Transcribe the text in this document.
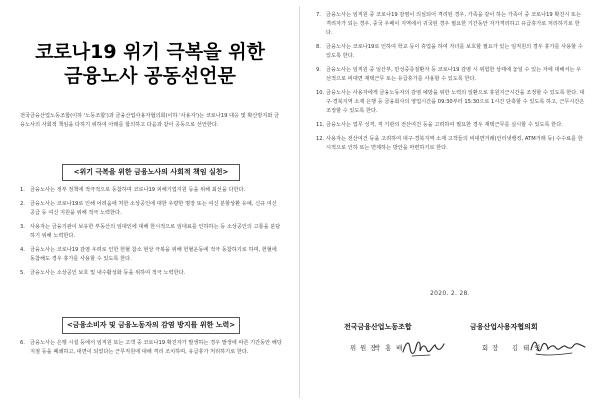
코로나19 위기 극복을 위한
금융노사 공동선언문
전국금융산업노동조합(이하 '노동조합')과 금융산업사용자협의회(이하 '사용자')는 코로나19 대응 및 확산방지와 금융노사의 사회적 책임을 다하기 위하여 아래를 합의하고 다음과 같이 공동으로 선언한다.
<위기 극복을 위한 금융노사의 사회적 책임 실천>
1. 금융노사는 정부 정책에 적극적으로 동참하며 코로나19 피해기업지원 등을 위해 최선을 다한다.
2. 금융노사는 코로나19로 인해 어려움에 처한 소상공인에 대한 우량한 명장 또는 여신 분할상환 유예, 신규 여신 공급 등 여신 지원을 위해 적극 노력한다.
3. 사용자는 금융기관이 보유한 부동산의 임대인에 대해 한시적으로 임대료를 인하하는 등 소상공인의 고통을 분담하기 위해 노력한다.
4. 금융노사는 코로나19 감염 우려로 인한 헌혈 참소 현상 극복을 위해 헌혈운동에 적극 동참하기로 하며, 헌혈에 동참해도 경우 휴가를 사용할 수 있도록 한다.
5. 금융노사는 소상공인 보호 및 내수활성화 등을 위하여 적극 노력한다.
<금융소비자 및 금융노동자의 감염 방지를 위한 노력>
6. 금융노사는 은행 시설 등에서 임직원 또는 고객 중 코로나19 확진자가 발생하는 경우 발생에 따른 기간동안 해당 지점 등을 폐쇄하고, 대면이 되었다는 근무직원에 대해 격리 조치하며, 유급휴가 처리하기로 한다.
7. 금융노사는 임직원 중 코로나19 감염이 의심되어 격리된 경우, 가족을 같이 하는 가족이 중 코로나19 확진시 또는 격리자가 되는 경우, 중국 우베이 지역에서 귀국된 경우 필요한 기간동안 자가격리하고 유급휴가로 처리하기로 한다.
8. 금융노사는 코로나19로 인하여 학교 등이 휴업을 하여 자녀를 보호할 필요가 있는 임직원의 경우 휴가를 사용할 수 있도록 한다.
9. 금융노사는 임직원 중 임산부, 만성중증질환자 등 코로나19 감염 시 위험한 상태에 놓일 수 있는 자에 대해서는 우선적으로 비대면 재택근무 또는 유급휴가를 사용할 수 있도록 한다.
10. 금융노사는 사용자에게 금융노동자의 감염 예방을 위한 노력의 일환으로 휴원지근시간을 조정할 수 있도록 한다. 대구·경북지역 소재 은행 등 금융회사의 영업시간을 09:30부터 15:30으로 1시간 단축할 수 있도록 하고, 근무시간은 조정할 수 있도록 한다.
11. 금융노사는 업무 성격, 직 기관의 전산여건 등을 고려하여 필요한 경우 재택근무를 실시할 수 있도록 한다.
12. 사용자는 전산여건 등을 고려하여 대구·경북지역 소재 고객들의 비대면거래(인터넷뱅킹, ATM거래 등) 수수료를 한시적으로 인하 또는 면제하는 방안을 마련하기로 한다.
2020. 2. 28.
전국금융산업노동조합	금융산업사용자협의회
위 원 장
박 홍 배	회 장 김 태 영
